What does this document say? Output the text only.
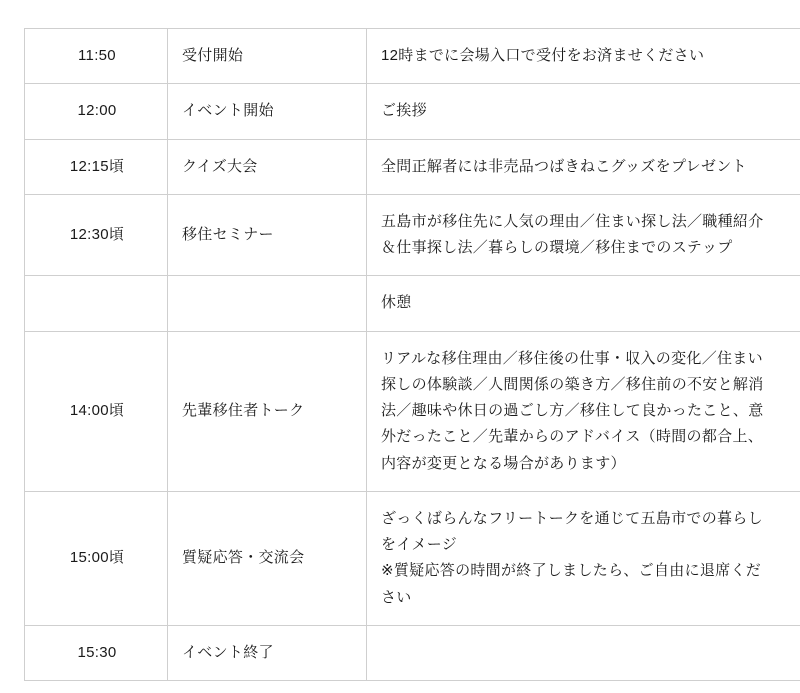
11:50	受付開始	12時までに会場入口で受付をお済ませください

12:00	イベント開始	ご挨拶

12:15頃	クイズ大会	全問正解者には非売品つばきねこグッズをプレゼント

12:30頃	移住セミナー	五島市が移住先に人気の理由／住まい探し法／職種紹介
＆仕事探し法／暮らしの環境／移住までのステップ

		休憩

14:00頃	先輩移住者トーク	リアルな移住理由／移住後の仕事・収入の変化／住まい
探しの体験談／人間関係の築き方／移住前の不安と解消
法／趣味や休日の過ごし方／移住して良かったこと、意
外だったこと／先輩からのアドバイス（時間の都合上、
内容が変更となる場合があります）

15:00頃	質疑応答・交流会	ざっくばらんなフリートークを通じて五島市での暮らし
をイメージ
※質疑応答の時間が終了しましたら、ご自由に退席くだ
さい

15:30	イベント終了	
